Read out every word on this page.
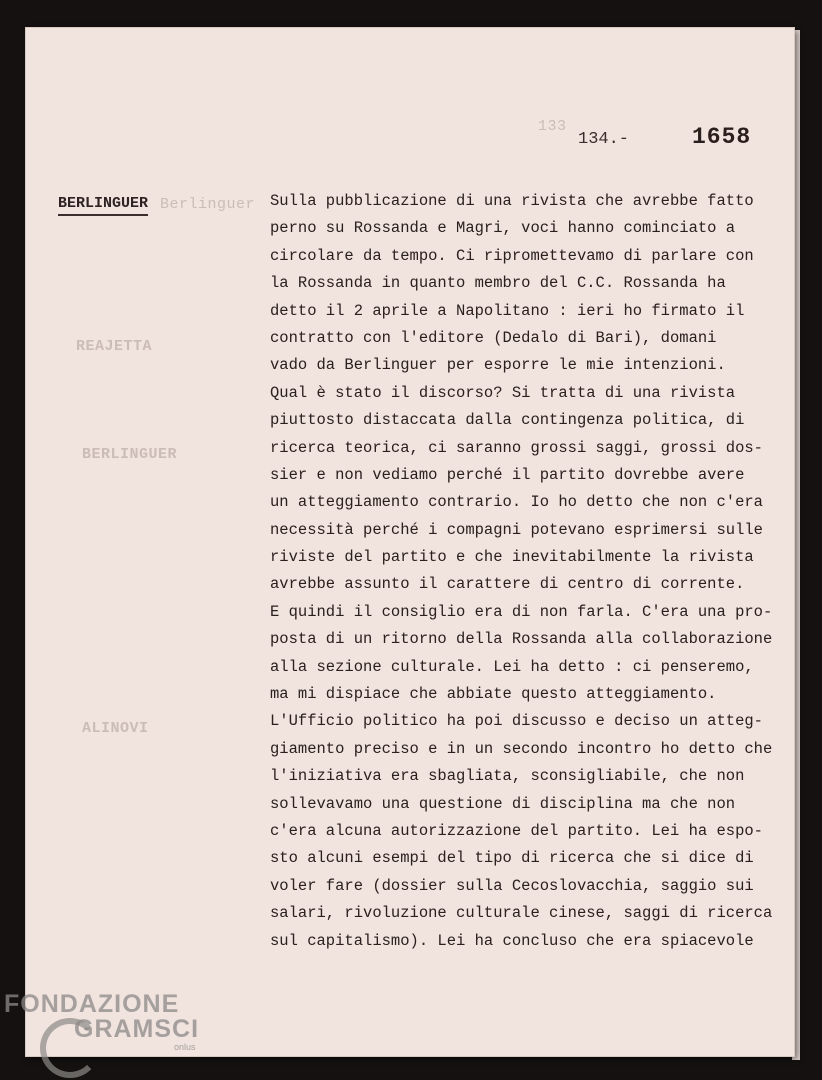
133
Berlinguer
REAJETTA
BERLINGUER
ALINOVI
134.-	1658
BERLINGUER	Sulla pubblicazione di una rivista che avrebbe fatto
perno su Rossanda e Magri, voci hanno cominciato a
circolare da tempo. Ci ripromettevamo di parlare con
la Rossanda in quanto membro del C.C. Rossanda ha
detto il 2 aprile a Napolitano : ieri ho firmato il
contratto con l'editore (Dedalo di Bari), domani
vado da Berlinguer per esporre le mie intenzioni.
Qual è stato il discorso? Si tratta di una rivista
piuttosto distaccata dalla contingenza politica, di
ricerca teorica, ci saranno grossi saggi, grossi dos-
sier e non vediamo perché il partito dovrebbe avere
un atteggiamento contrario. Io ho detto che non c'era
necessità perché i compagni potevano esprimersi sulle
riviste del partito e che inevitabilmente la rivista
avrebbe assunto il carattere di centro di corrente.
E quindi il consiglio era di non farla. C'era una pro-
posta di un ritorno della Rossanda alla collaborazione
alla sezione culturale. Lei ha detto : ci penseremo,
ma mi dispiace che abbiate questo atteggiamento.
L'Ufficio politico ha poi discusso e deciso un atteg-
giamento preciso e in un secondo incontro ho detto che
l'iniziativa era sbagliata, sconsigliabile, che non
sollevavamo una questione di disciplina ma che non
c'era alcuna autorizzazione del partito. Lei ha espo-
sto alcuni esempi del tipo di ricerca che si dice di
voler fare (dossier sulla Cecoslovacchia, saggio sui
salari, rivoluzione culturale cinese, saggi di ricerca
sul capitalismo). Lei ha concluso che era spiacevole
FONDAZIONE
GRAMSCI
onlus
